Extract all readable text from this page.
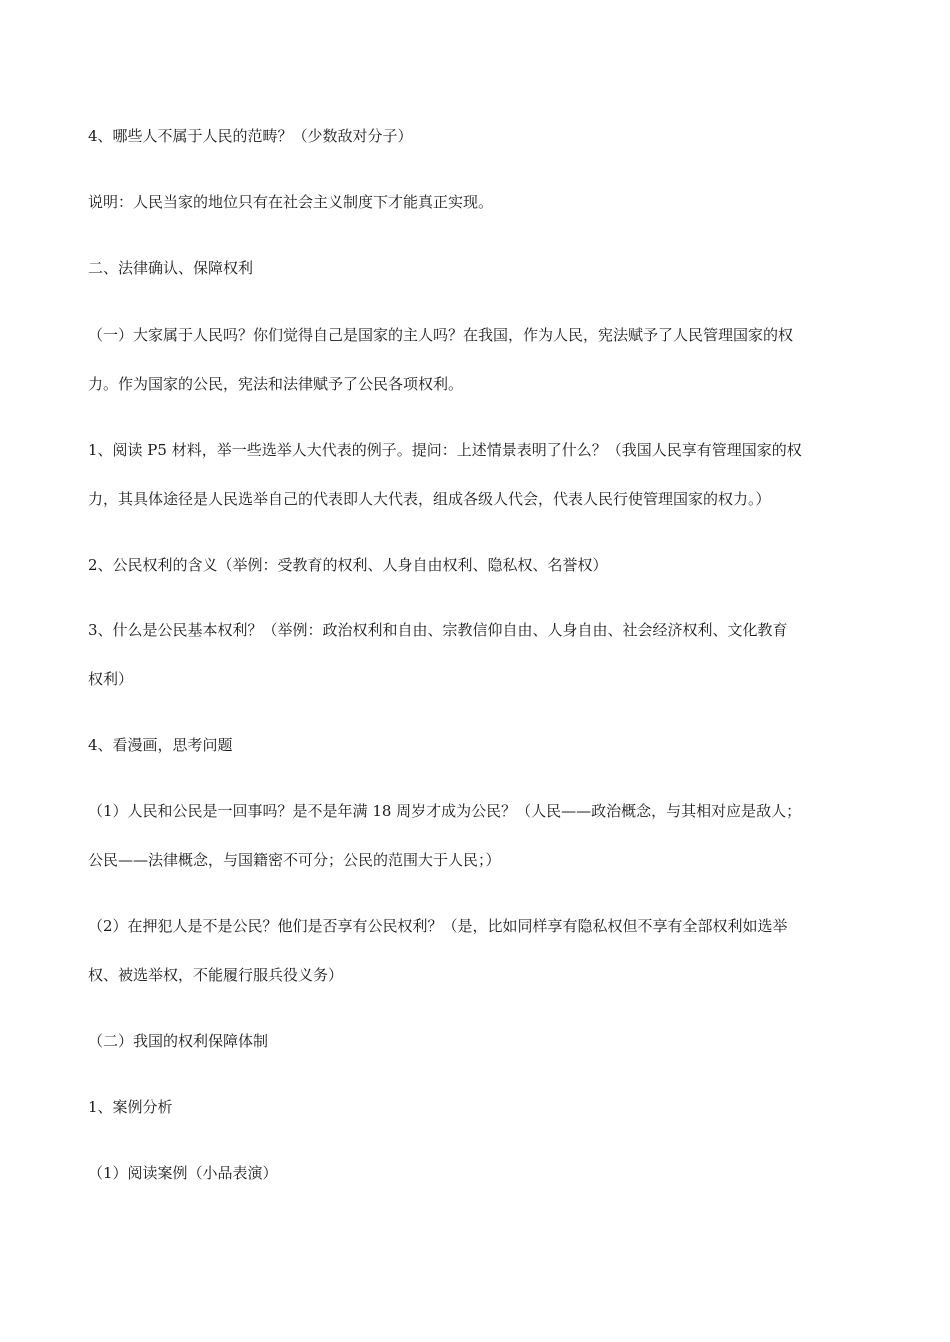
4、哪些人不属于人民的范畴？（少数敌对分子）
说明：人民当家的地位只有在社会主义制度下才能真正实现。
二、法律确认、保障权利
（一）大家属于人民吗？你们觉得自己是国家的主人吗？在我国，作为人民，宪法赋予了人民管理国家的权
力。作为国家的公民，宪法和法律赋予了公民各项权利。
1、阅读 P5 材料，举一些选举人大代表的例子。提问：上述情景表明了什么？（我国人民享有管理国家的权
力，其具体途径是人民选举自己的代表即人大代表，组成各级人代会，代表人民行使管理国家的权力。）
2、公民权利的含义（举例：受教育的权利、人身自由权利、隐私权、名誉权）
3、什么是公民基本权利？（举例：政治权利和自由、宗教信仰自由、人身自由、社会经济权利、文化教育
权利）
4、看漫画，思考问题
（1）人民和公民是一回事吗？是不是年满 18 周岁才成为公民？（人民——政治概念，与其相对应是敌人；
公民——法律概念，与国籍密不可分；公民的范围大于人民；）
（2）在押犯人是不是公民？他们是否享有公民权利？（是，比如同样享有隐私权但不享有全部权利如选举
权、被选举权，不能履行服兵役义务）
（二）我国的权利保障体制
1、案例分析
（1）阅读案例（小品表演）
